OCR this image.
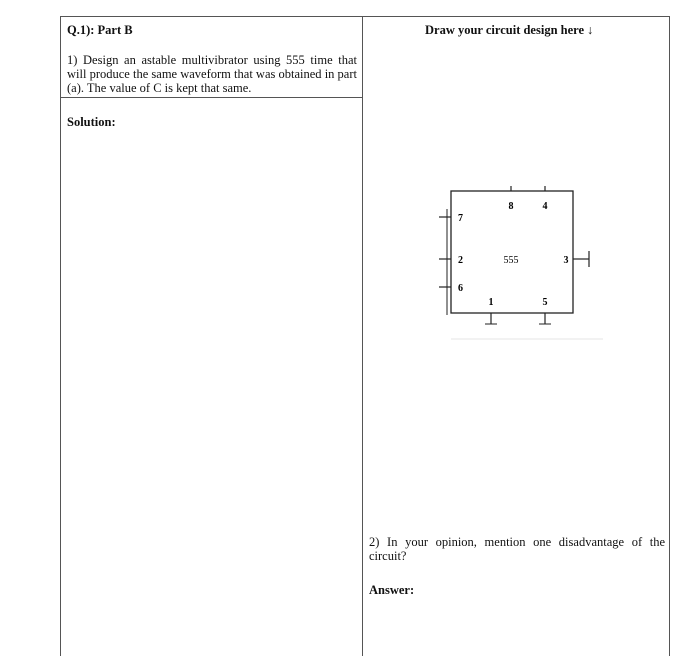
Q.1): Part B
1) Design an astable multivibrator using 555 time that will produce the same waveform that was obtained in part (a). The value of C is kept that same.
Solution:
Draw your circuit design here ↓
2) In your opinion, mention one disadvantage of the circuit?
Answer:
8	4
7
2
6
555	3
1	5
